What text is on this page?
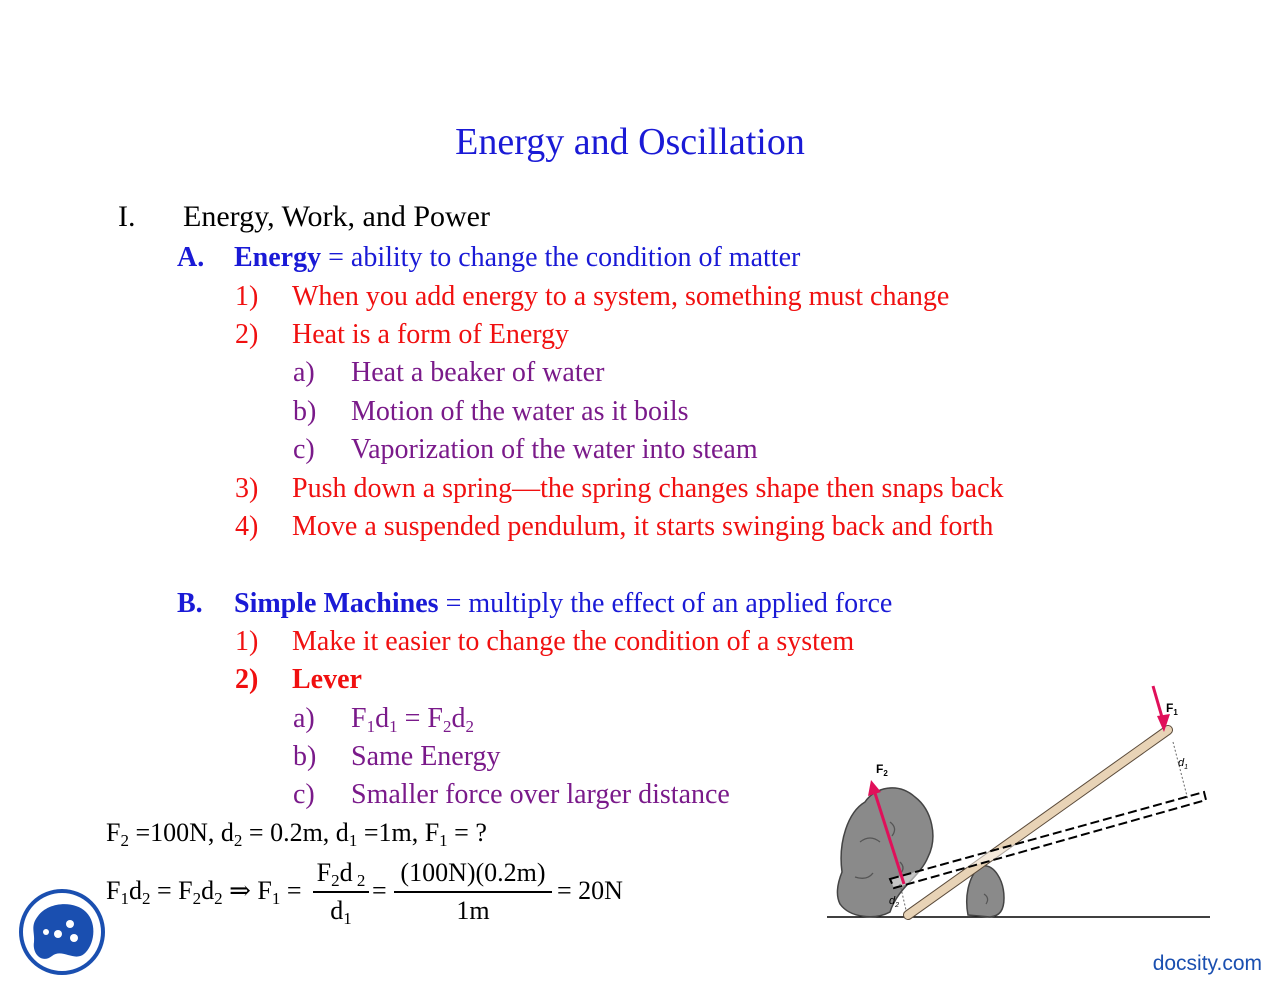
Energy and Oscillation
I. Energy, Work, and Power
A. Energy = ability to change the condition of matter
1) When you add energy to a system, something must change
2) Heat is a form of Energy
a) Heat a beaker of water
b) Motion of the water as it boils
c) Vaporization of the water into steam
3) Push down a spring—the spring changes shape then snaps back
4) Move a suspended pendulum, it starts swinging back and forth
B. Simple Machines = multiply the effect of an applied force
1) Make it easier to change the condition of a system
2) Lever
a) $F_1d_1 = F_2d_2$
b) Same Energy
c) Smaller force over larger distance
$F_2 =100N$, $d_2 = 0.2m$, $d_1 =1m$, $F_1$ = ?
$F_1d_2 = F_2d_2$ ⇒ $F_1$ =
$F_2d$ $_2$
$d_1$
=
(100N)(0.2m)
1m
= 20N
$F_1$
$F_2$
$d_1$
$d_2$
docsity.com
